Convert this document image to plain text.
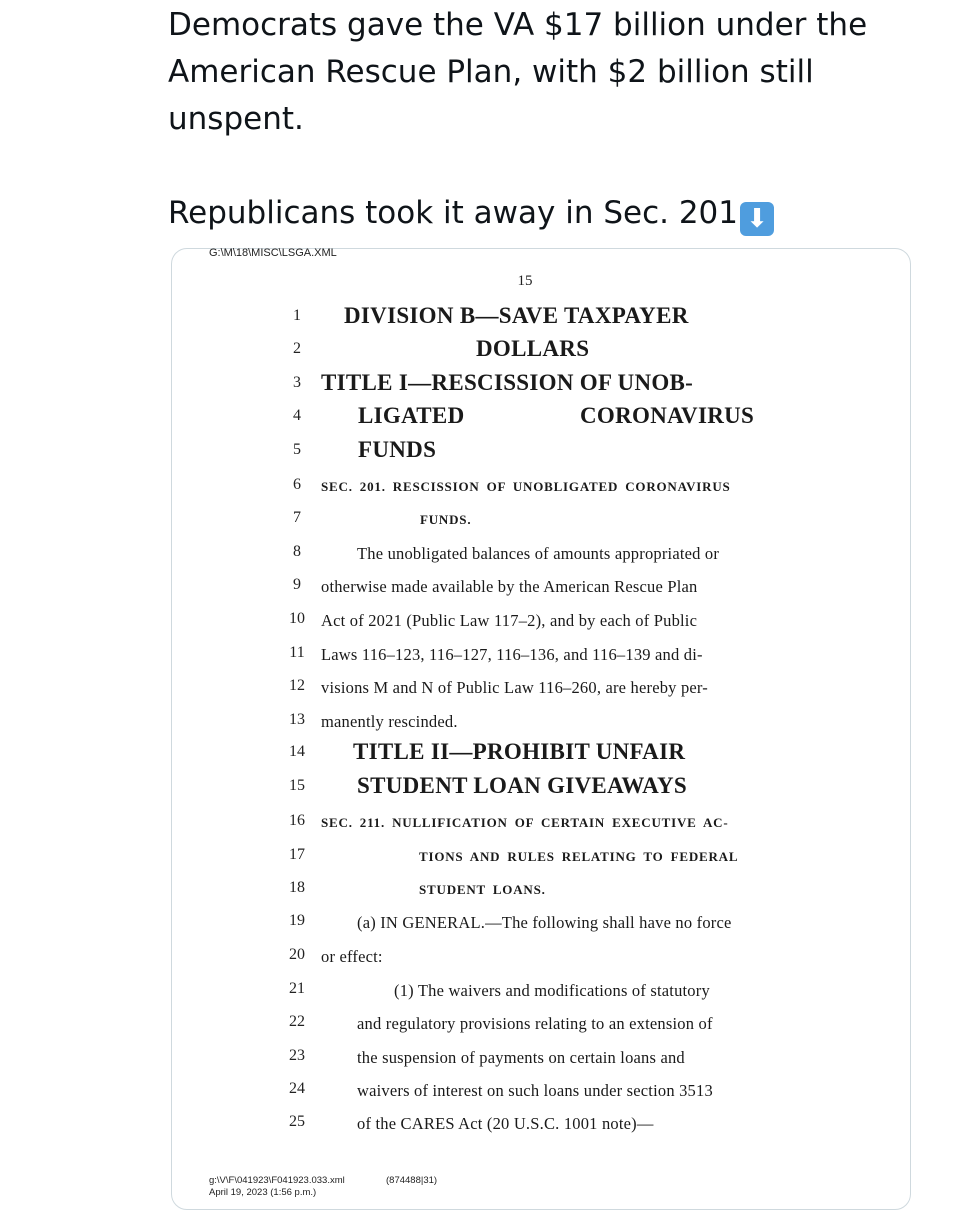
Democrats gave the VA $17 billion under the

American Rescue Plan, with $2 billion still

unspent.

Republicans took it away in Sec. 201 ⬇

G:\M\18\MISC\LSGA.XML
15
1
2
3
4
5
6
7
8
9
10
11
12
13
14
15
16
17
18
19
20
21
22
23
24
25
DIVISION B—SAVE TAXPAYER
DOLLARS
TITLE I—RESCISSION OF UNOB-
LIGATED	CORONAVIRUS
FUNDS
SEC. 201. RESCISSION OF UNOBLIGATED CORONAVIRUS
FUNDS.
The unobligated balances of amounts appropriated or
otherwise made available by the American Rescue Plan
Act of 2021 (Public Law 117–2), and by each of Public
Laws 116–123, 116–127, 116–136, and 116–139 and di-
visions M and N of Public Law 116–260, are hereby per-
manently rescinded.
TITLE II—PROHIBIT UNFAIR
STUDENT LOAN GIVEAWAYS
SEC. 211. NULLIFICATION OF CERTAIN EXECUTIVE AC-
TIONS AND RULES RELATING TO FEDERAL
STUDENT LOANS.
(a) IN GENERAL.—The following shall have no force
or effect:
(1) The waivers and modifications of statutory
and regulatory provisions relating to an extension of
the suspension of payments on certain loans and
waivers of interest on such loans under section 3513
of the CARES Act (20 U.S.C. 1001 note)—
g:\V\F\041923\F041923.033.xml
April 19, 2023 (1:56 p.m.)
(874488|31)
